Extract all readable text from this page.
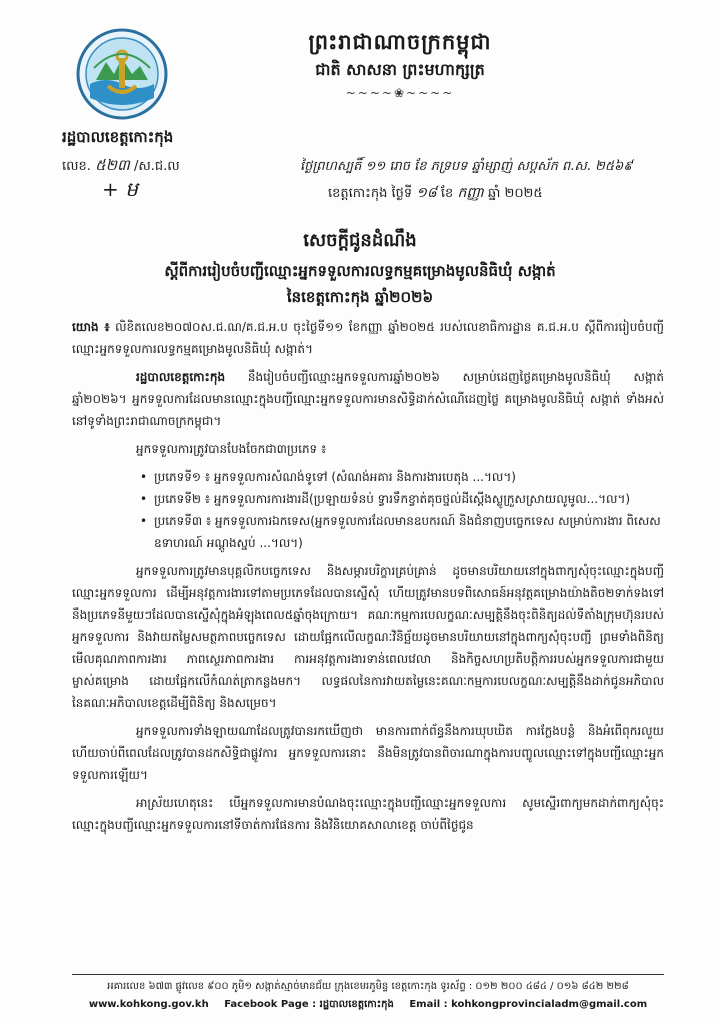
ព្រះរាជាណាចក្រកម្ពុជា
ជាតិ សាសនា ព្រះមហាក្សត្រ
~~~~❀~~~~
រដ្ឋបាលខេត្តកោះកុង
លេខ. ៥២៣ /ស.ជ.ល
+ ម
ថ្ងៃព្រហស្បតិ៍ ១១ រោច ខែ ភទ្របទ ឆ្នាំម្សាញ់ សប្តស័ក ព.ស. ២៥៦៩
ខេត្តកោះកុង ថ្ងៃទី ១៨ ខែ កញ្ញា ឆ្នាំ ២០២៥
សេចក្តីជូនដំណឹង
ស្តីពីការរៀបចំបញ្ជីឈ្មោះអ្នកទទួលការលទ្ធកម្មគម្រោងមូលនិធិឃុំ សង្កាត់
នៃខេត្តកោះកុង ឆ្នាំ២០២៦

យោង ៖ លិខិតលេខ២០៧០ស.ជ.ណ/គ.ជ.អ.ប ចុះថ្ងៃទី១១ ខែកញ្ញា ឆ្នាំ២០២៥ របស់លេខាធិការដ្ឋាន គ.ជ.អ.ប ស្តីពីការរៀបចំបញ្ជីឈ្មោះអ្នកទទួលការលទ្ធកម្មគម្រោងមូលនិធិឃុំ សង្កាត់។

រដ្ឋបាលខេត្តកោះកុង នឹងរៀបចំបញ្ជីឈ្មោះអ្នកទទួលការឆ្នាំ២០២៦ សម្រាប់ដេញថ្លៃគម្រោងមូលនិធិឃុំ សង្កាត់ ឆ្នាំ២០២៦។ អ្នកទទួលការដែលមានឈ្មោះក្នុងបញ្ជីឈ្មោះអ្នកទទួលការមានសិទ្ធិដាក់សំណើដេញថ្លៃ គម្រោងមូលនិធិឃុំ សង្កាត់ ទាំងអស់នៅទូទាំងព្រះរាជាណាចក្រកម្ពុជា។

អ្នកទទួលការត្រូវបានបែងចែកជា៣ប្រភេទ ៖

• ប្រភេទទី១ ៖ អ្នកទទួលការសំណង់ទូទៅ (សំណង់អគារ និងការងារបេតុង ...។ល។)
• ប្រភេទទី២ ៖ អ្នកទទួលការការងារដី(ប្រឡាយទំនប់ ទ្វារទឹកខ្វាត់គុចថ្នល់ដីស្ដើងស្លូក្រួសស្រាយលូមូល...។ល។)
• ប្រភេទទី៣ ៖ អ្នកទទួលការឯកទេស(អ្នកទទួលការដែលមានឧបករណ៍ និងជំនាញបច្ចេកទេស សម្រាប់ការងារ ពិសេស ឧទាហរណ៍ អណ្តូងស្នប់ ...។ល។)

អ្នកទទួលការត្រូវមានបុគ្គលិកបច្ចេកទេស និងសម្ភារបរិក្ខារគ្រប់គ្រាន់ ដូចមានបរិយាយនៅក្នុងពាក្យសុំចុះឈ្មោះក្នុងបញ្ជីឈ្មោះអ្នកទទួលការ ដើម្បីអនុវត្តការងារទៅតាមប្រភេទដែលបានស្នើសុំ ហើយត្រូវមានបទពិសោធន៍អនុវត្តគម្រោងយ៉ាងតិច២ទាក់ទងទៅ នឹងប្រភេទនីមួយៗដែលបានស្នើសុំក្នុងអំឡុងពេល៥ឆ្នាំចុងក្រោយ។ គណៈកម្មការបេលក្ខណៈសម្បត្តិនឹងចុះពិនិត្យដល់ទីតាំងក្រុមហ៊ុនរបស់អ្នកទទួលការ និងវាយតម្លៃសមត្ថភាពបច្ចេកទេស ដោយផ្អែកលើលក្ខណៈវិនិច្ឆ័យដូចមានបរិយាយនៅក្នុងពាក្យសុំចុះបញ្ជី ព្រមទាំងពិនិត្យមើលគុណភាពការងារ ភាពស្ថេរភាពការងារ ការអនុវត្តការងារទាន់ពេលវេលា និងកិច្ចសហប្រតិបត្តិការរបស់អ្នកទទួលការជាមួយម្ចាស់គម្រោង ដោយផ្អែកលើកំណត់ត្រាកន្លងមក។ លទ្ធផលនៃការវាយតម្លៃនេះគណៈកម្មការបេលក្ខណៈសម្បត្តិនឹងដាក់ជូនអភិបាលនៃគណៈអភិបាលខេត្តដើម្បីពិនិត្យ និងសម្រេច។

អ្នកទទួលការទាំងឡាយណាដែលត្រូវបានរកឃើញថា មានការពាក់ព័ន្ធនឹងការឃុបឃិត ការក្លែងបន្លំ និងអំពើពុករលួយ ហើយចាប់ពីពេលដែលត្រូវបានដកសិទ្ធិជាផ្លូវការ អ្នកទទួលការនោះ នឹងមិនត្រូវបានពិចារណាក្នុងការបញ្ចូលឈ្មោះទៅក្នុងបញ្ជីឈ្មោះអ្នកទទួលការឡើយ។

អាស្រ័យហេតុនេះ បើអ្នកទទួលការមានបំណងចុះឈ្មោះក្នុងបញ្ជីឈ្មោះអ្នកទទួលការ សូមស្នើរពាក្យមកដាក់ពាក្យសុំចុះឈ្មោះក្នុងបញ្ជីឈ្មោះអ្នកទទួលការនៅទីចាត់ការផែនការ និងវិនិយោគសាលាខេត្ត ចាប់ពីថ្ងៃជូន

អគារលេខ ៦៧៣ ផ្លូវលេខ ៩០០ ភូមិ១ សង្កាត់ស្មាច់មានជ័យ ក្រុងខេមរភូមិន្ទ ខេត្តកោះកុង ទូរស័ព្ទ : ០១២ ២០០ ៤៨៤ / ០១៦ ៨៤២ ២២៨
www.kohkong.gov.kh Facebook Page : រដ្ឋបាលខេត្តកោះកុង Email : kohkongprovincialadm@gmail.com
